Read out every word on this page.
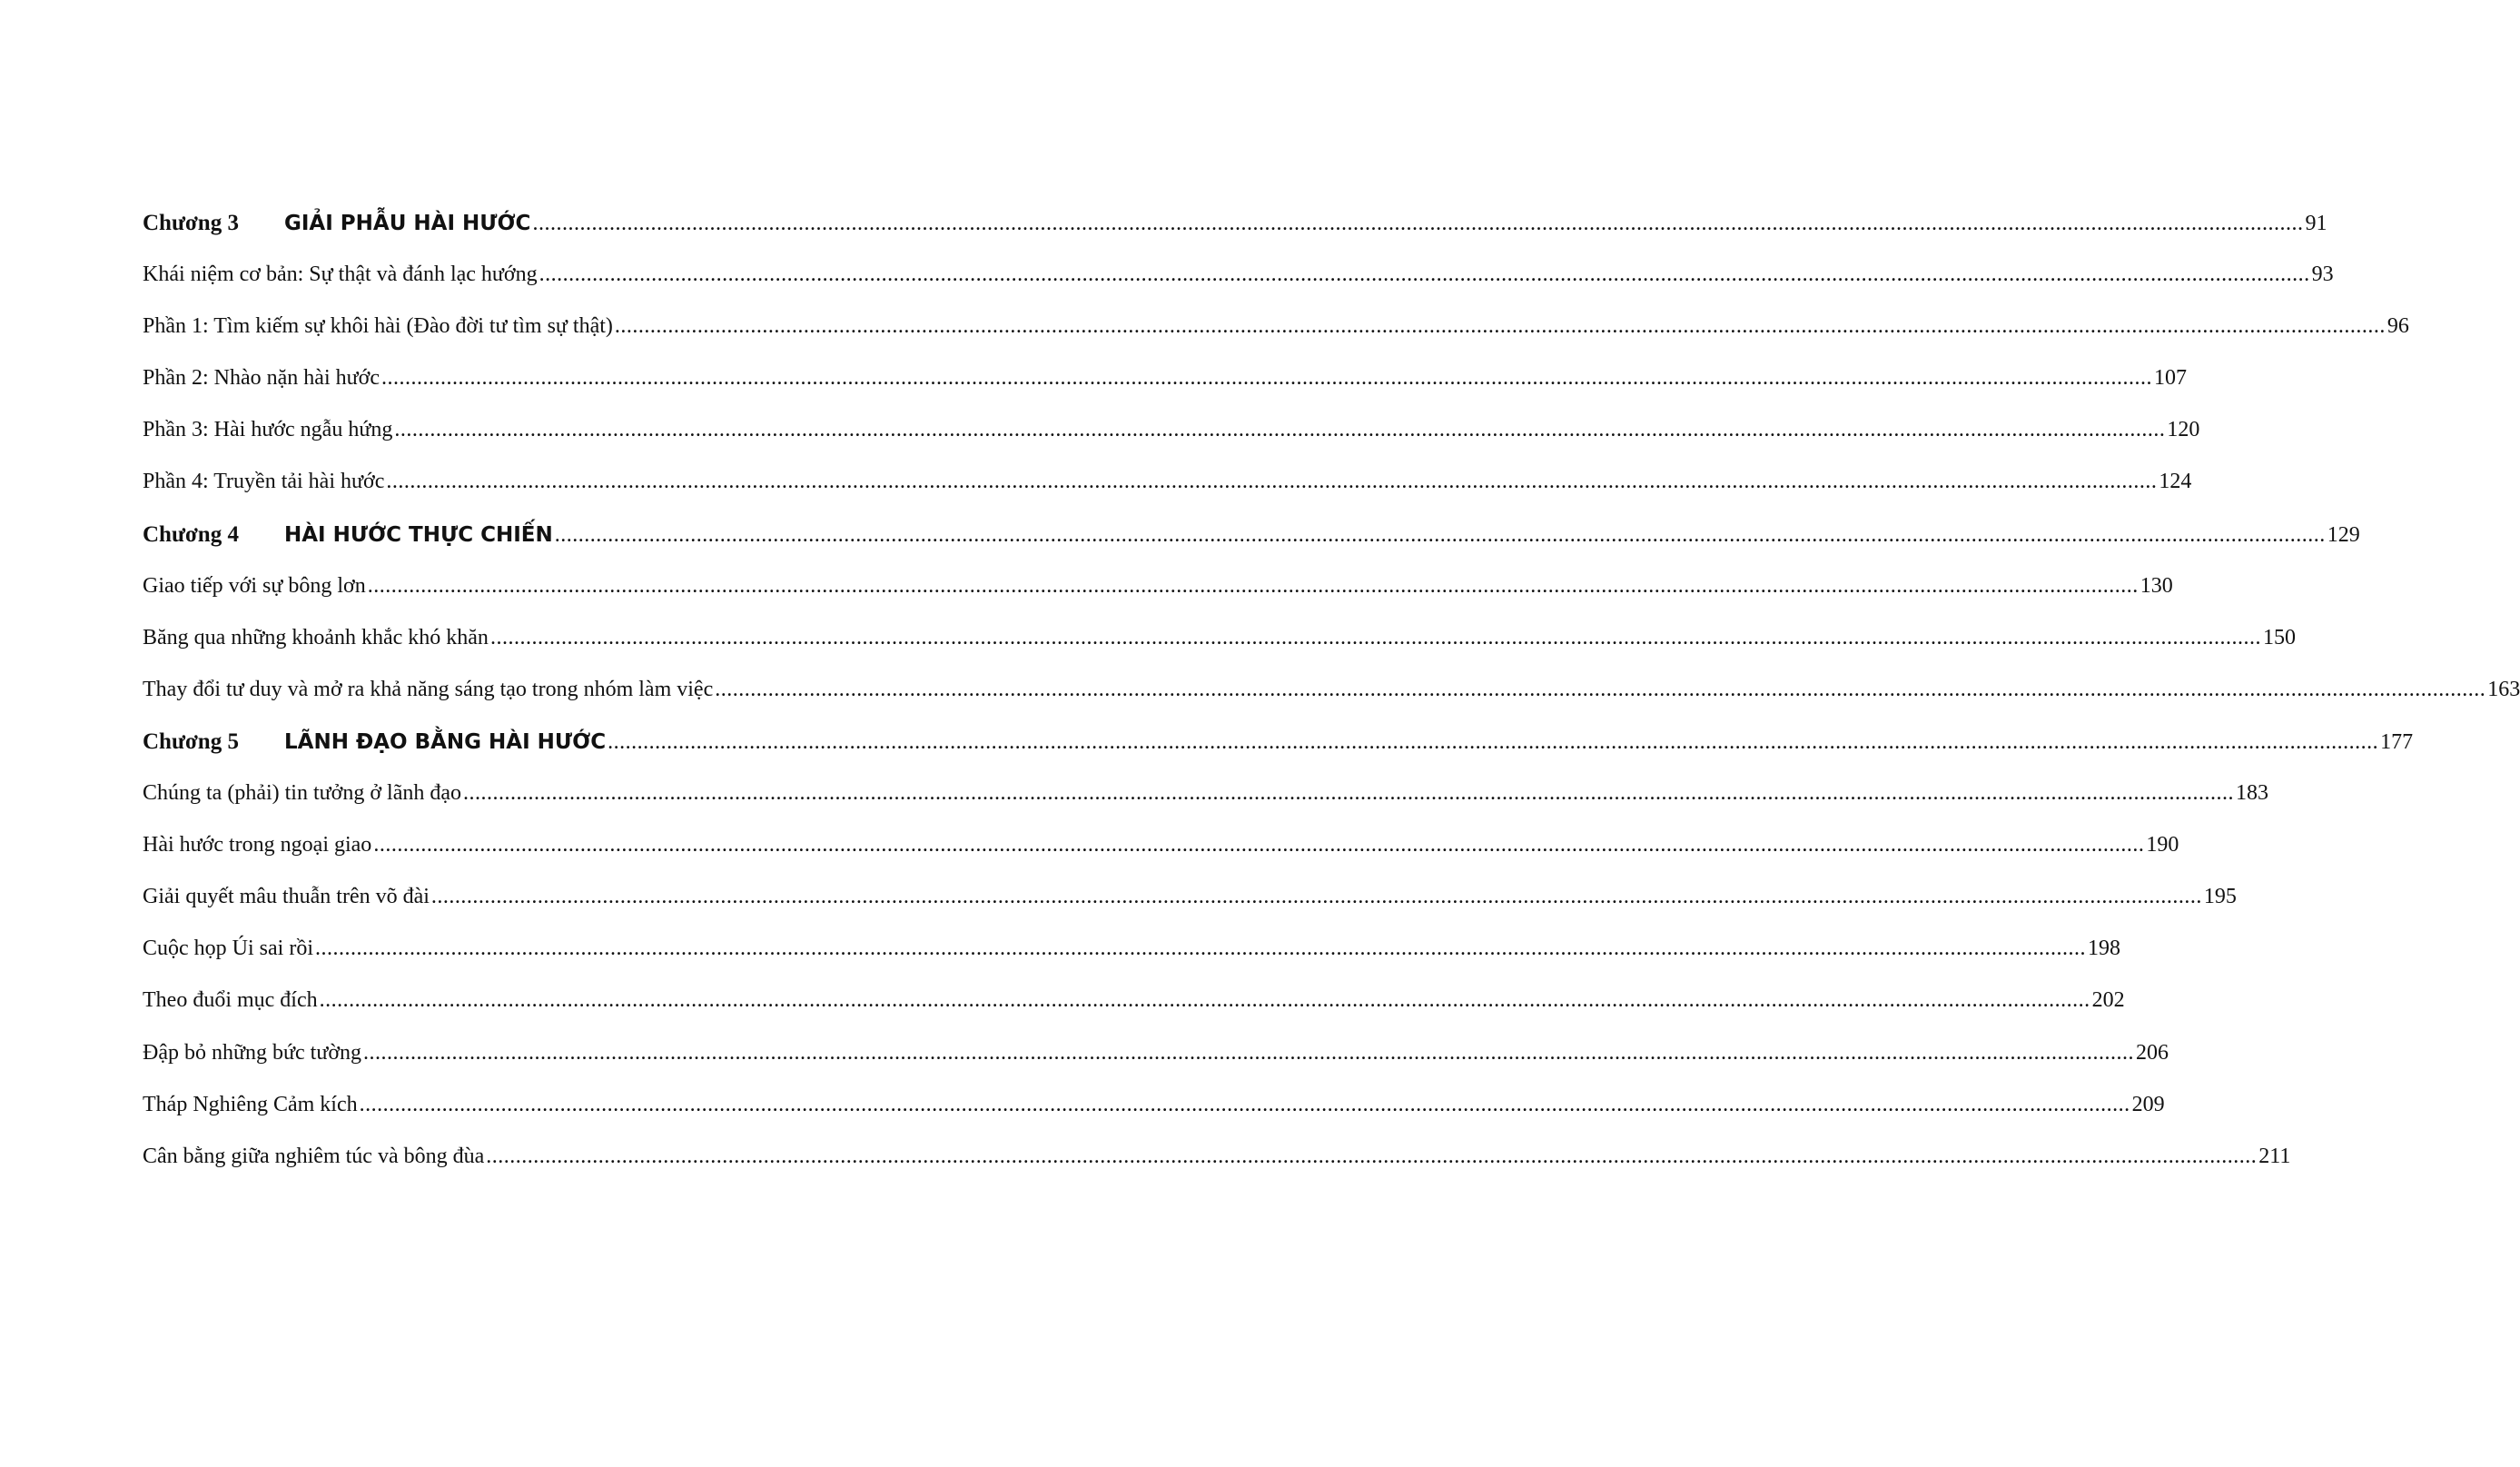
Chương 3 GIẢI PHẪU HÀI HƯỚC ............................................................................................................................................................................................................................................................................................................ 91
Khái niệm cơ bản: Sự thật và đánh lạc hướng ............................................................................................................................................................................................................................................................................................................ 93
Phần 1: Tìm kiếm sự khôi hài (Đào đời tư tìm sự thật) ............................................................................................................................................................................................................................................................................................................ 96
Phần 2: Nhào nặn hài hước ............................................................................................................................................................................................................................................................................................................ 107
Phần 3: Hài hước ngẫu hứng ............................................................................................................................................................................................................................................................................................................ 120
Phần 4: Truyền tải hài hước ............................................................................................................................................................................................................................................................................................................ 124
Chương 4 HÀI HƯỚC THỰC CHIẾN ............................................................................................................................................................................................................................................................................................................ 129
Giao tiếp với sự bông lơn ............................................................................................................................................................................................................................................................................................................ 130
Băng qua những khoảnh khắc khó khăn ............................................................................................................................................................................................................................................................................................................ 150
Thay đổi tư duy và mở ra khả năng sáng tạo trong nhóm làm việc ............................................................................................................................................................................................................................................................................................................ 163
Chương 5 LÃNH ĐẠO BẰNG HÀI HƯỚC ............................................................................................................................................................................................................................................................................................................ 177
Chúng ta (phải) tin tưởng ở lãnh đạo ............................................................................................................................................................................................................................................................................................................ 183
Hài hước trong ngoại giao ............................................................................................................................................................................................................................................................................................................ 190
Giải quyết mâu thuẫn trên võ đài ............................................................................................................................................................................................................................................................................................................ 195
Cuộc họp Úi sai rồi ............................................................................................................................................................................................................................................................................................................ 198
Theo đuổi mục đích ............................................................................................................................................................................................................................................................................................................ 202
Đập bỏ những bức tường ............................................................................................................................................................................................................................................................................................................ 206
Tháp Nghiêng Cảm kích ............................................................................................................................................................................................................................................................................................................ 209
Cân bằng giữa nghiêm túc và bông đùa ............................................................................................................................................................................................................................................................................................................ 211
